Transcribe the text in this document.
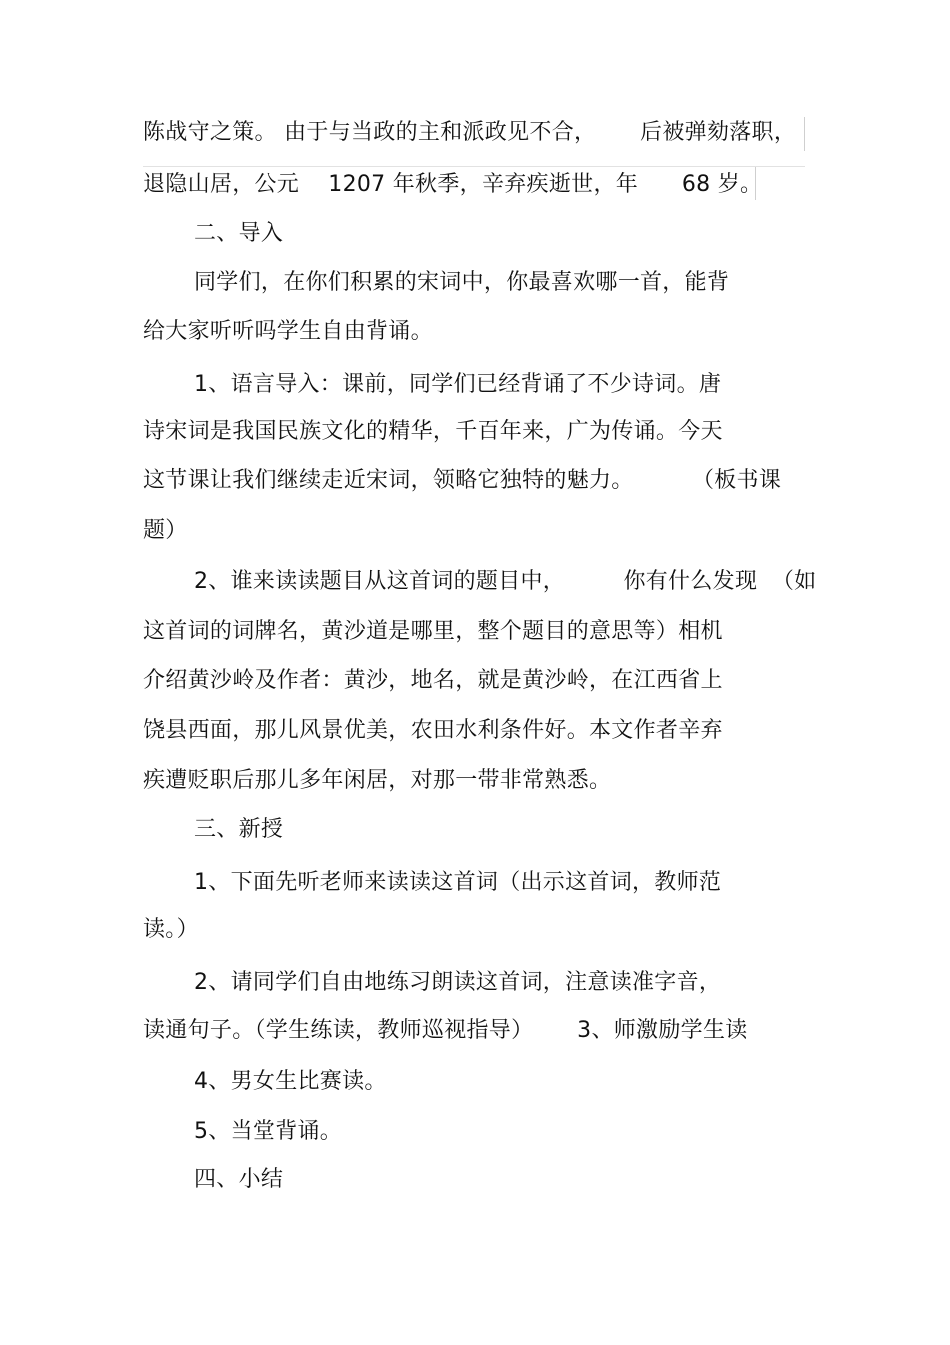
陈战守之策。 由于与当政的主和派政见不合，      后被弹劾落职，
退隐山居，公元    1207 年秋季，辛弃疾逝世，年      68 岁。
二、导入
同学们，在你们积累的宋词中，你最喜欢哪一首，能背
给大家听听吗学生自由背诵。
1、语言导入：课前，同学们已经背诵了不少诗词。唐
诗宋词是我国民族文化的精华，千百年来，广为传诵。今天
这节课让我们继续走近宋词，领略它独特的魅力。        （板书课
题）
2、谁来读读题目从这首词的题目中，        你有什么发现  （如
这首词的词牌名，黄沙道是哪里，整个题目的意思等）相机
介绍黄沙岭及作者：黄沙，地名，就是黄沙岭，在江西省上
饶县西面，那儿风景优美，农田水利条件好。本文作者辛弃
疾遭贬职后那儿多年闲居，对那一带非常熟悉。
三、新授
1、下面先听老师来读读这首词（出示这首词，教师范
读。）
2、请同学们自由地练习朗读这首词，注意读准字音，
读通句子。（学生练读，教师巡视指导）      3、师激励学生读
4、男女生比赛读。
5、当堂背诵。
四、小结
